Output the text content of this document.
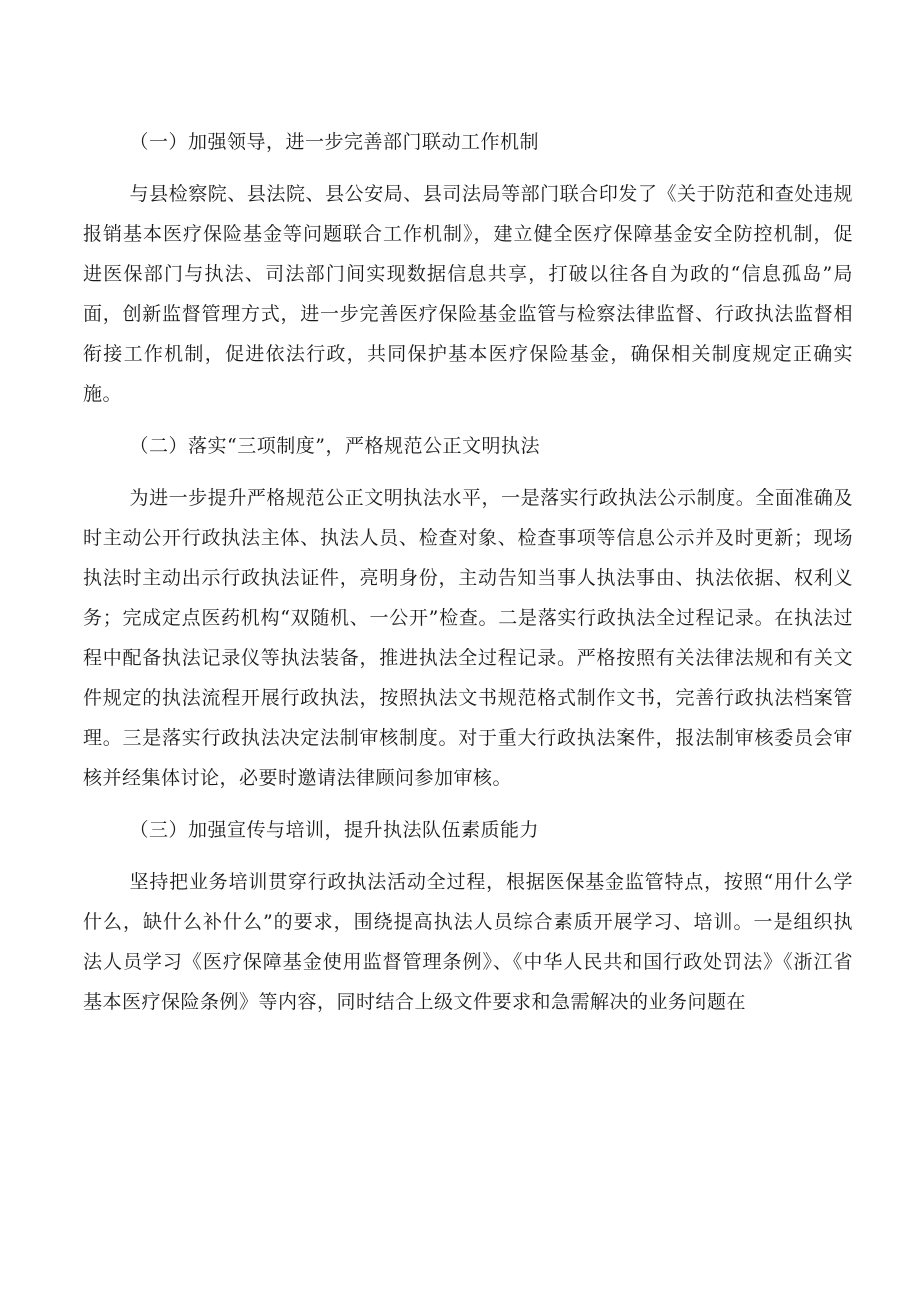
（一）加强领导，进一步完善部门联动工作机制

与县检察院、县法院、县公安局、县司法局等部门联合印发了《关于防范和查处违规报销基本医疗保险基金等问题联合工作机制》，建立健全医疗保障基金安全防控机制，促进医保部门与执法、司法部门间实现数据信息共享，打破以往各自为政的“信息孤岛”局面，创新监督管理方式，进一步完善医疗保险基金监管与检察法律监督、行政执法监督相衔接工作机制，促进依法行政，共同保护基本医疗保险基金，确保相关制度规定正确实施。

（二）落实“三项制度”，严格规范公正文明执法

为进一步提升严格规范公正文明执法水平，一是落实行政执法公示制度。全面准确及时主动公开行政执法主体、执法人员、检查对象、检查事项等信息公示并及时更新；现场执法时主动出示行政执法证件，亮明身份，主动告知当事人执法事由、执法依据、权利义务；完成定点医药机构“双随机、一公开”检查。二是落实行政执法全过程记录。在执法过程中配备执法记录仪等执法装备，推进执法全过程记录。严格按照有关法律法规和有关文件规定的执法流程开展行政执法，按照执法文书规范格式制作文书，完善行政执法档案管理。三是落实行政执法决定法制审核制度。对于重大行政执法案件，报法制审核委员会审核并经集体讨论，必要时邀请法律顾问参加审核。

（三）加强宣传与培训，提升执法队伍素质能力

坚持把业务培训贯穿行政执法活动全过程，根据医保基金监管特点，按照“用什么学什么，缺什么补什么”的要求，围绕提高执法人员综合素质开展学习、培训。一是组织执法人员学习《医疗保障基金使用监督管理条例》、《中华人民共和国行政处罚法》《浙江省基本医疗保险条例》等内容，同时结合上级文件要求和急需解决的业务问题在
